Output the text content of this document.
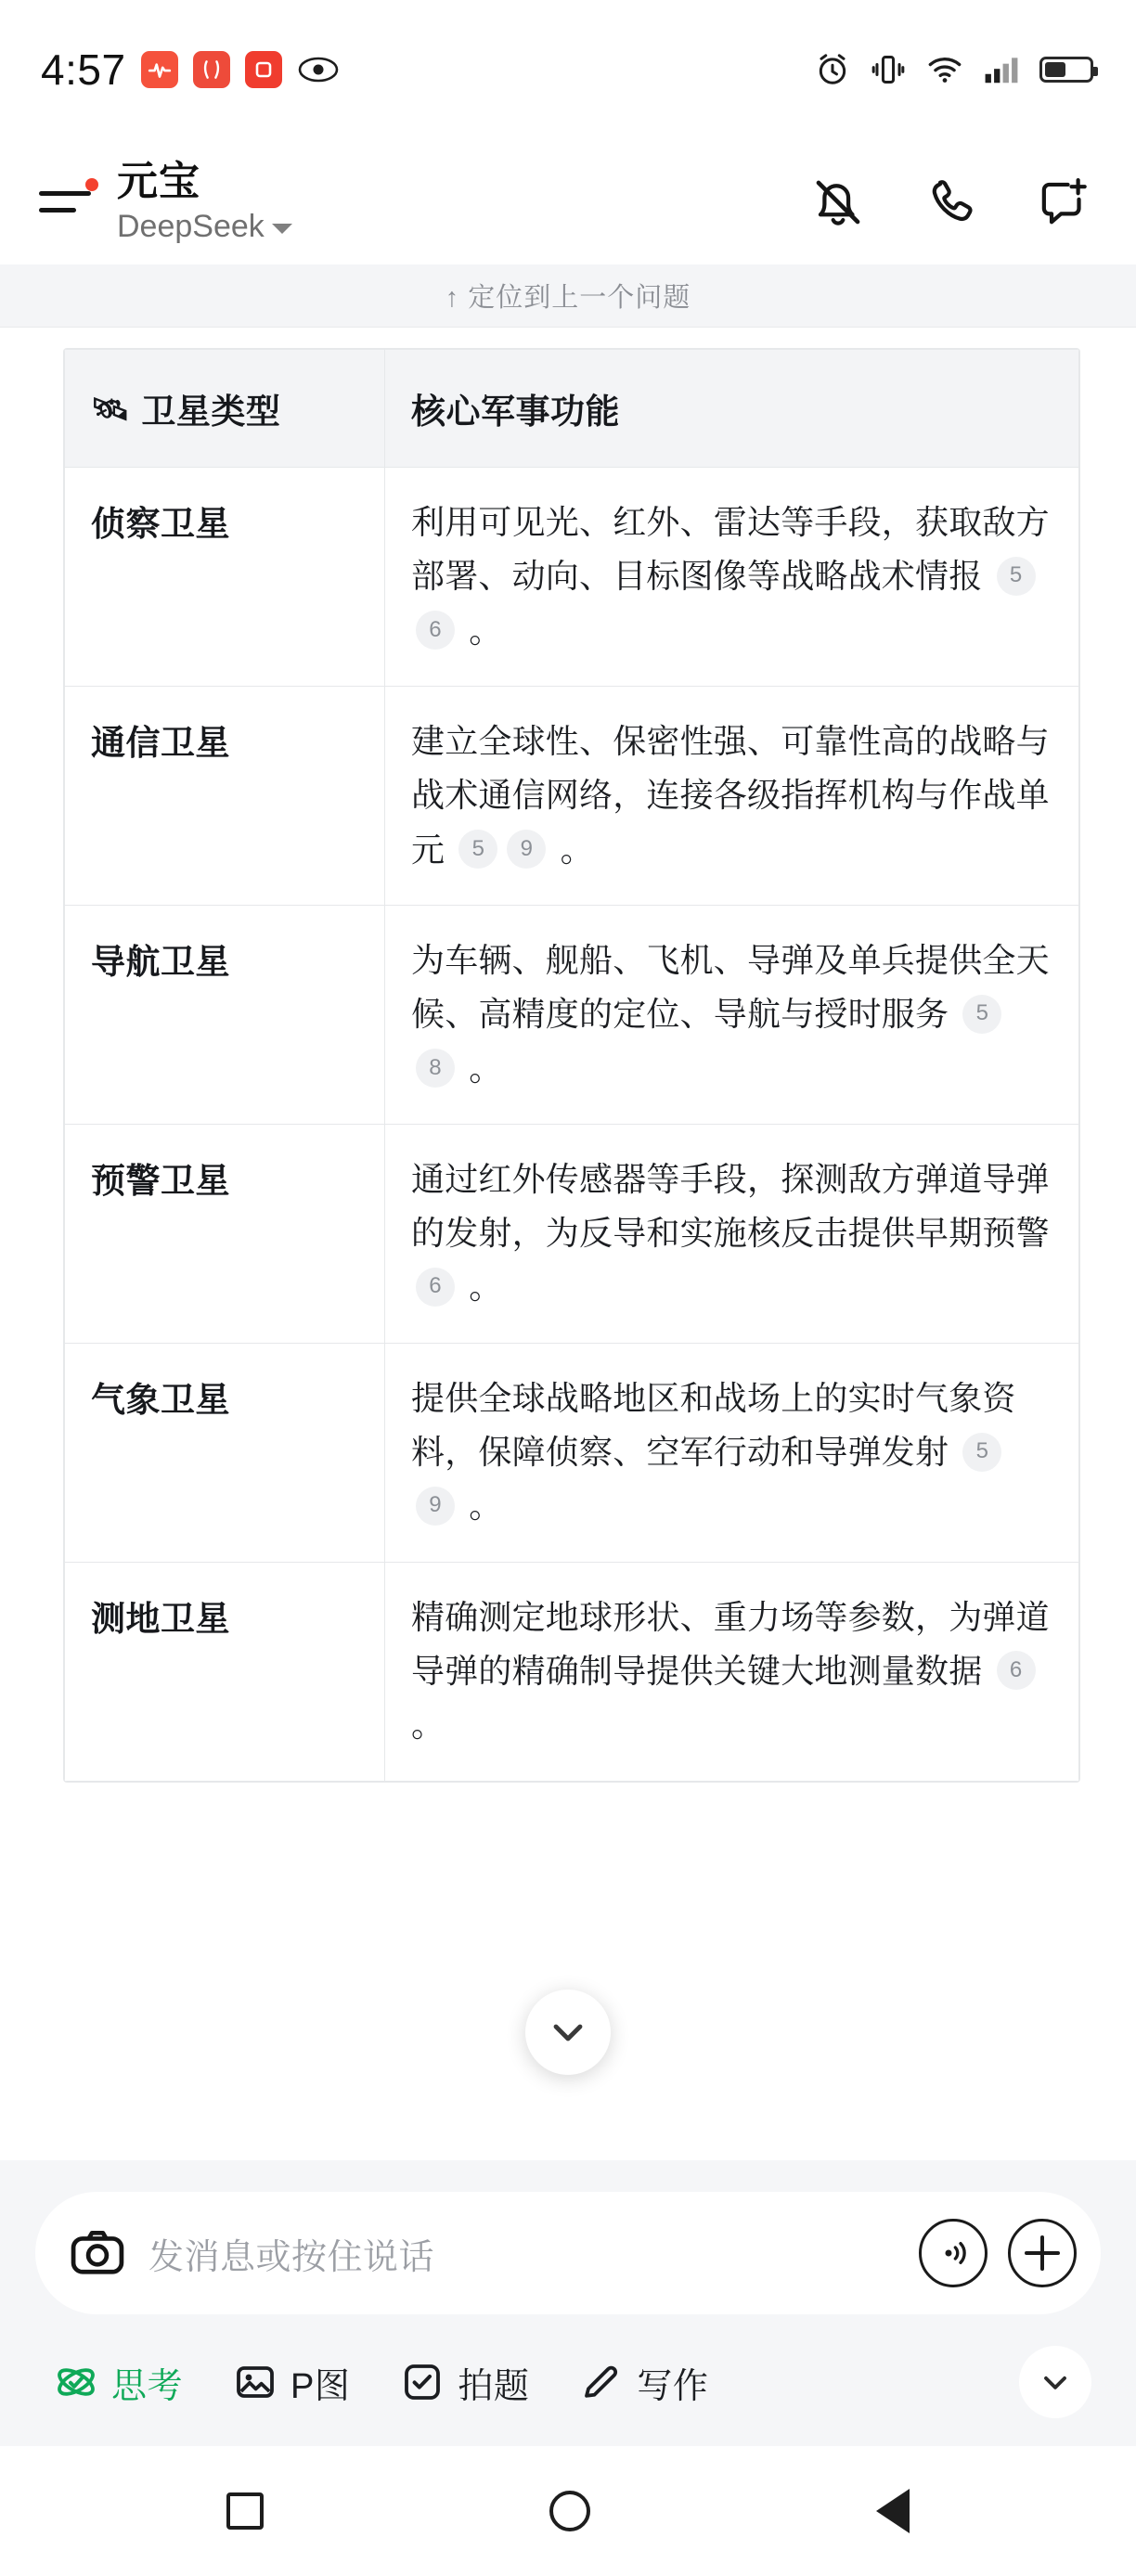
4:57
元宝
DeepSeek
↑ 定位到上一个问题
🛰 卫星类型	核心军事功能
侦察卫星	利用可见光、红外、雷达等手段，获取敌方部署、动向、目标图像等战略战术情报 56 。
通信卫星	建立全球性、保密性强、可靠性高的战略与战术通信网络，连接各级指挥机构与作战单元 5 9 。
导航卫星	为车辆、舰船、飞机、导弹及单兵提供全天候、高精度的定位、导航与授时服务 58 。
预警卫星	通过红外传感器等手段，探测敌方弹道导弹的发射，为反导和实施核反击提供早期预警 6 。
气象卫星	提供全球战略地区和战场上的实时气象资料，保障侦察、空军行动和导弹发射 59 。
测地卫星	精确测定地球形状、重力场等参数，为弹道导弹的精确制导提供关键大地测量数据 6 。
发消息或按住说话
思考	P图	拍题	写作
